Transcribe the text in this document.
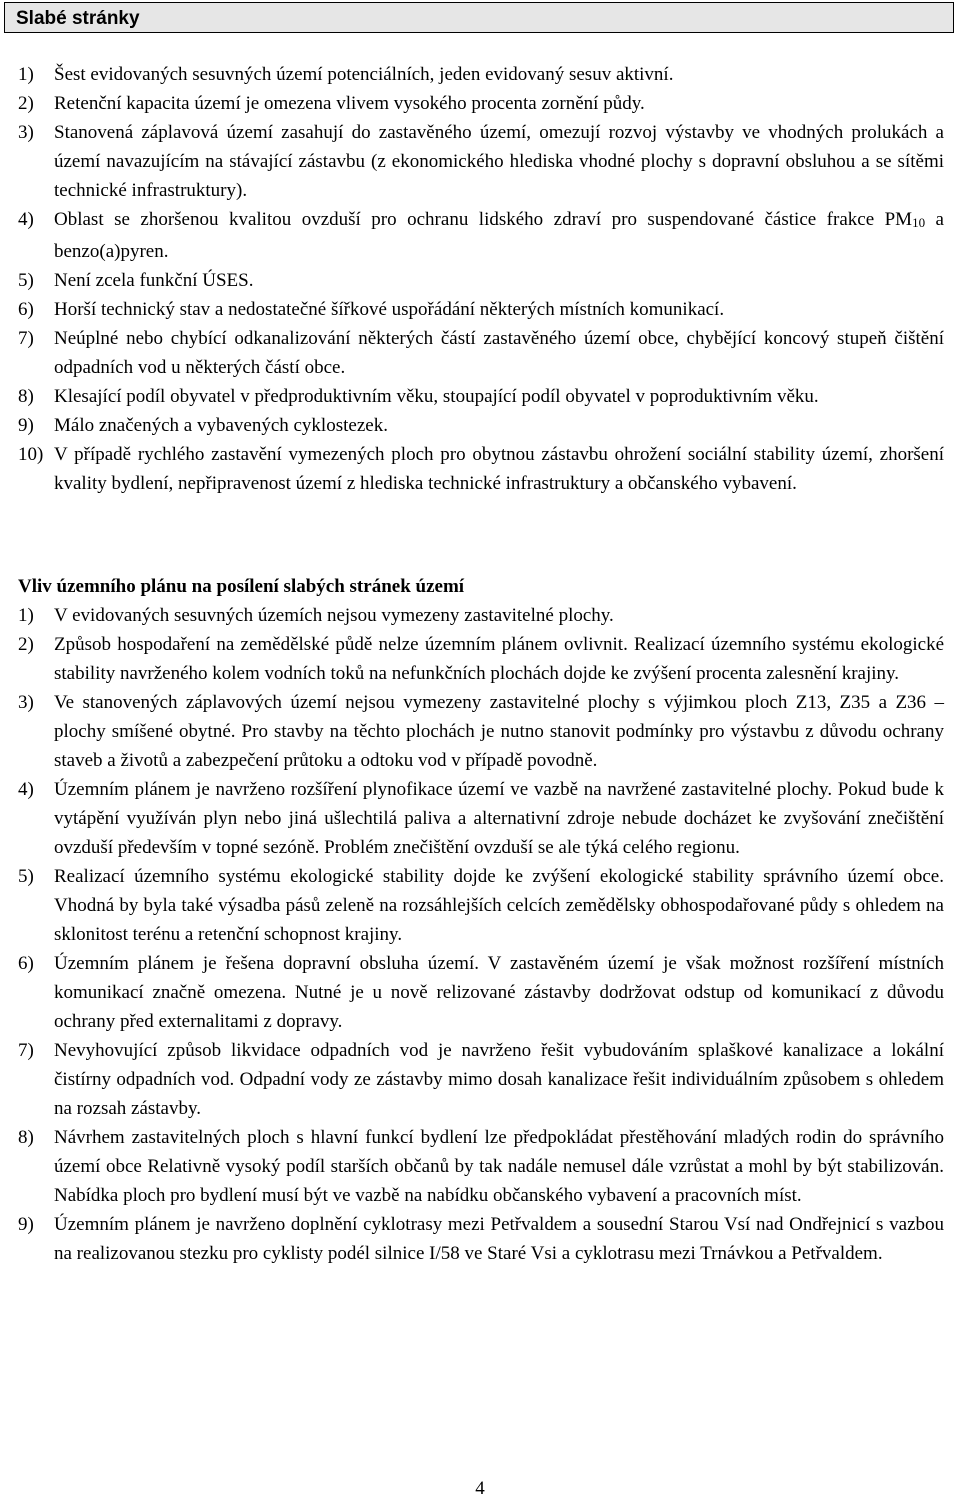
Slabé stránky
1) Šest evidovaných sesuvných území potenciálních, jeden evidovaný sesuv aktivní.
2) Retenční kapacita území je omezena vlivem vysokého procenta zornění půdy.
3) Stanovená záplavová území zasahují do zastavěného území, omezují rozvoj výstavby ve vhodných prolukách a území navazujícím na stávající zástavbu (z ekonomického hlediska vhodné plochy s dopravní obsluhou a se sítěmi technické infrastruktury).
4) Oblast se zhoršenou kvalitou ovzduší pro ochranu lidského zdraví pro suspendované částice frakce PM10 a benzo(a)pyren.
5) Není zcela funkční ÚSES.
6) Horší technický stav a nedostatečné šířkové uspořádání některých místních komunikací.
7) Neúplné nebo chybící odkanalizování některých částí zastavěného území obce, chybějící koncový stupeň čištění odpadních vod u některých částí obce.
8) Klesající podíl obyvatel v předproduktivním věku, stoupající podíl obyvatel v poproduktivním věku.
9) Málo značených a vybavených cyklostezek.
10) V případě rychlého zastavění vymezených ploch pro obytnou zástavbu ohrožení sociální stability území, zhoršení kvality bydlení, nepřipravenost území z hlediska technické infrastruktury a občanského vybavení.
Vliv územního plánu na posílení slabých stránek území
1) V evidovaných sesuvných územích nejsou vymezeny zastavitelné plochy.
2) Způsob hospodaření na zemědělské půdě nelze územním plánem ovlivnit. Realizací územního systému ekologické stability navrženého kolem vodních toků na nefunkčních plochách dojde ke zvýšení procenta zalesnění krajiny.
3) Ve stanovených záplavových území nejsou vymezeny zastavitelné plochy s výjimkou ploch Z13, Z35 a Z36 – plochy smíšené obytné. Pro stavby na těchto plochách je nutno stanovit podmínky pro výstavbu z důvodu ochrany staveb a životů a zabezpečení průtoku a odtoku vod v případě povodně.
4) Územním plánem je navrženo rozšíření plynofikace území ve vazbě na navržené zastavitelné plochy. Pokud bude k vytápění využíván plyn nebo jiná ušlechtilá paliva a alternativní zdroje nebude docházet ke zvyšování znečištění ovzduší především v topné sezóně. Problém znečištění ovzduší se ale týká celého regionu.
5) Realizací územního systému ekologické stability dojde ke zvýšení ekologické stability správního území obce. Vhodná by byla také výsadba pásů zeleně na rozsáhlejších celcích zemědělsky obhospodařované půdy s ohledem na sklonitost terénu a retenční schopnost krajiny.
6) Územním plánem je řešena dopravní obsluha území. V zastavěném území je však možnost rozšíření místních komunikací značně omezena. Nutné je u nově relizované zástavby dodržovat odstup od komunikací z důvodu ochrany před externalitami z dopravy.
7) Nevyhovující způsob likvidace odpadních vod je navrženo řešit vybudováním splaškové kanalizace a lokální čistírny odpadních vod. Odpadní vody ze zástavby mimo dosah kanalizace řešit individuálním způsobem s ohledem na rozsah zástavby.
8) Návrhem zastavitelných ploch s hlavní funkcí bydlení lze předpokládat přestěhování mladých rodin do správního území obce Relativně vysoký podíl starších občanů by tak nadále nemusel dále vzrůstat a mohl by být stabilizován. Nabídka ploch pro bydlení musí být ve vazbě na nabídku občanského vybavení a pracovních míst.
9) Územním plánem je navrženo doplnění cyklotrasy mezi Petřvaldem a sousední Starou Vsí nad Ondřejnicí s vazbou na realizovanou stezku pro cyklisty podél silnice I/58 ve Staré Vsi a cyklotrasu mezi Trnávkou a Petřvaldem.
4
